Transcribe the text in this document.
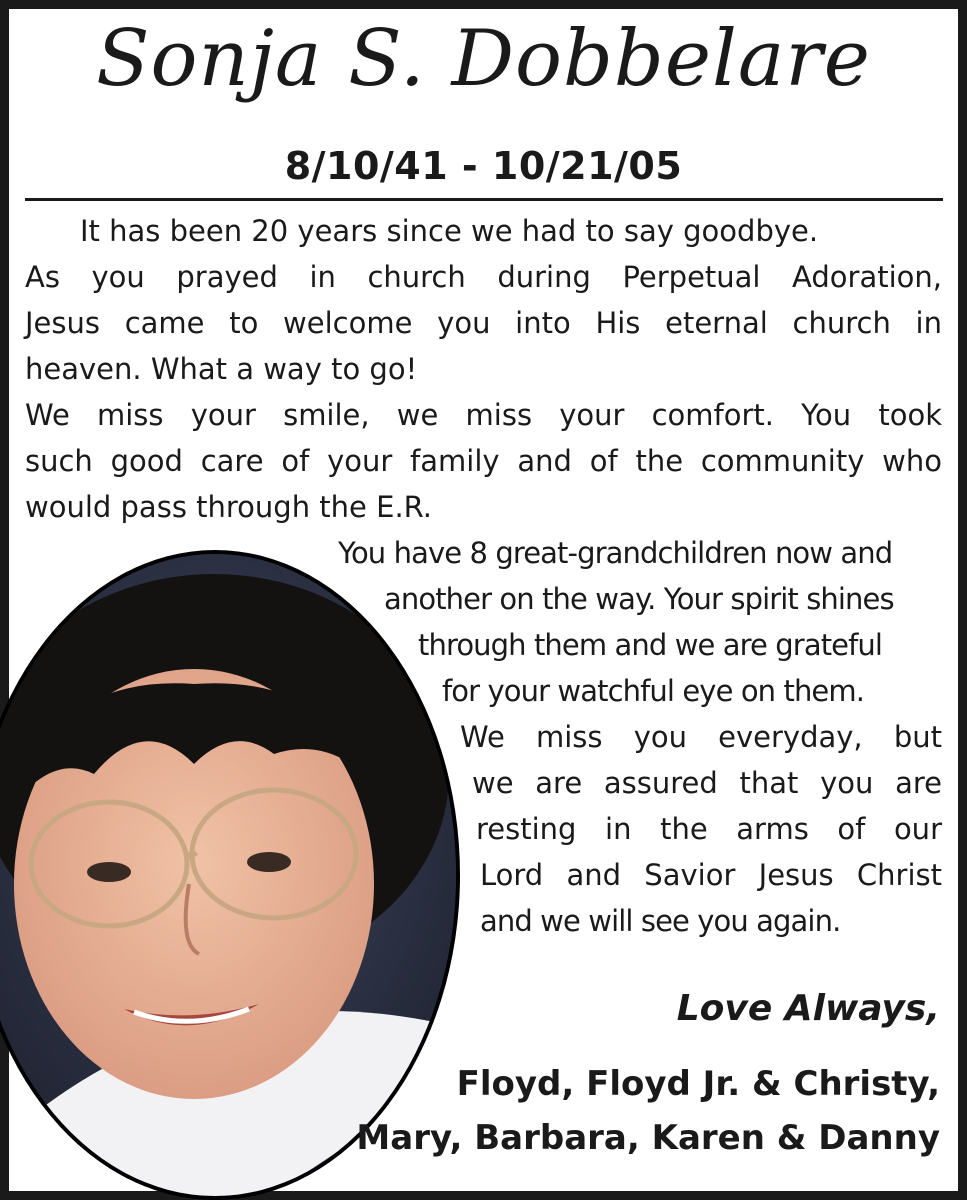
Sonja S. Dobbelare
8/10/41 - 10/21/05
It has been 20 years since we had to say goodbye.
As you prayed in church during Perpetual Adoration,
Jesus came to welcome you into His eternal church in
heaven. What a way to go!
We miss your smile, we miss your comfort. You took
such good care of your family and of the community who
would pass through the E.R.
You have 8 great-grandchildren now and
another on the way. Your spirit shines
through them and we are grateful
for your watchful eye on them.
We miss you everyday, but
we are assured that you are
resting in the arms of our
Lord and Savior Jesus Christ
and we will see you again.
Love Always,
Floyd, Floyd Jr. & Christy,
Mary, Barbara, Karen & Danny
